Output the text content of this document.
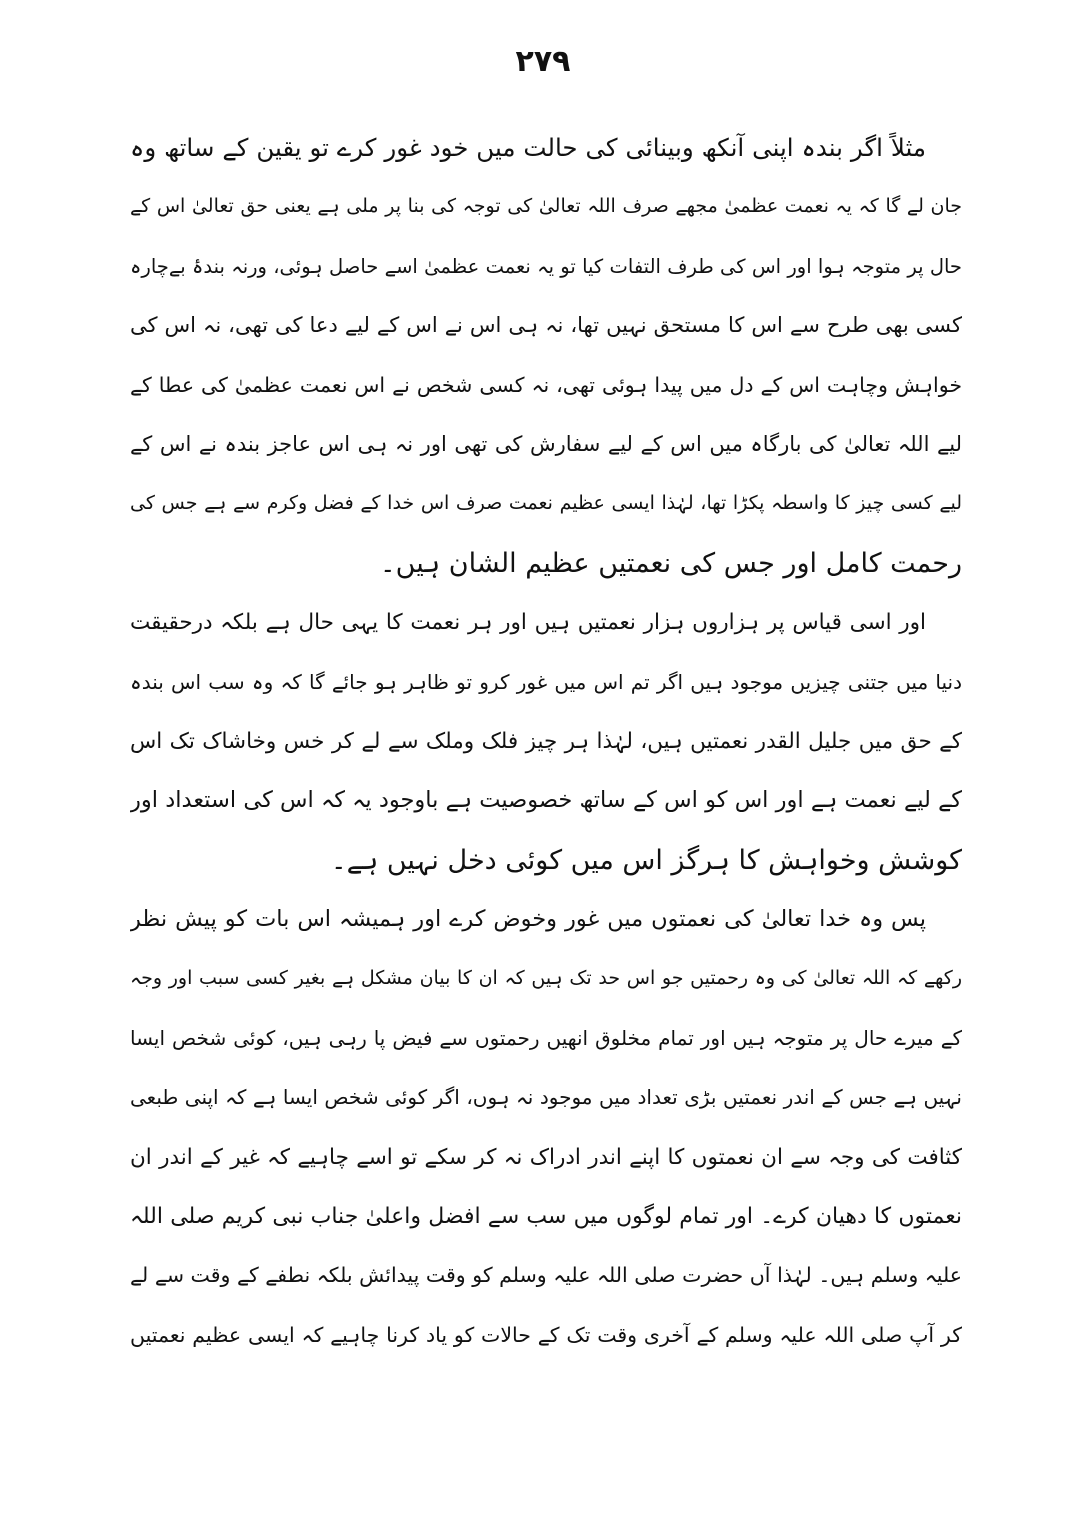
۲۷۹
مثلاً اگر بندہ اپنی آنکھ وبینائی کی حالت میں خود غور کرے تو یقین کے ساتھ وہ
جان لے گا کہ یہ نعمت عظمیٰ مجھے صرف اللہ تعالیٰ کی توجہ کی بنا پر ملی ہے یعنی حق تعالیٰ اس کے
حال پر متوجہ ہوا اور اس کی طرف التفات کیا تو یہ نعمت عظمیٰ اسے حاصل ہوئی، ورنہ بندۂ بےچارہ
کسی بھی طرح سے اس کا مستحق نہیں تھا، نہ ہی اس نے اس کے لیے دعا کی تھی، نہ اس کی
خواہش وچاہت اس کے دل میں پیدا ہوئی تھی، نہ کسی شخص نے اس نعمت عظمیٰ کی عطا کے
لیے اللہ تعالیٰ کی بارگاہ میں اس کے لیے سفارش کی تھی اور نہ ہی اس عاجز بندہ نے اس کے
لیے کسی چیز کا واسطہ پکڑا تھا، لہٰذا ایسی عظیم نعمت صرف اس خدا کے فضل وکرم سے ہے جس کی
رحمت کامل اور جس کی نعمتیں عظیم الشان ہیں۔
اور اسی قیاس پر ہزاروں ہزار نعمتیں ہیں اور ہر نعمت کا یہی حال ہے بلکہ درحقیقت
دنیا میں جتنی چیزیں موجود ہیں اگر تم اس میں غور کرو تو ظاہر ہو جائے گا کہ وہ سب اس بندہ
کے حق میں جلیل القدر نعمتیں ہیں، لہٰذا ہر چیز فلک وملک سے لے کر خس وخاشاک تک اس
کے لیے نعمت ہے اور اس کو اس کے ساتھ خصوصیت ہے باوجود یہ کہ اس کی استعداد اور
کوشش وخواہش کا ہرگز اس میں کوئی دخل نہیں ہے۔
پس وہ خدا تعالیٰ کی نعمتوں میں غور وخوض کرے اور ہمیشہ اس بات کو پیش نظر
رکھے کہ اللہ تعالیٰ کی وہ رحمتیں جو اس حد تک ہیں کہ ان کا بیان مشکل ہے بغیر کسی سبب اور وجہ
کے میرے حال پر متوجہ ہیں اور تمام مخلوق انھیں رحمتوں سے فیض پا رہی ہیں، کوئی شخص ایسا
نہیں ہے جس کے اندر نعمتیں بڑی تعداد میں موجود نہ ہوں، اگر کوئی شخص ایسا ہے کہ اپنی طبعی
کثافت کی وجہ سے ان نعمتوں کا اپنے اندر ادراک نہ کر سکے تو اسے چاہیے کہ غیر کے اندر ان
نعمتوں کا دھیان کرے۔ اور تمام لوگوں میں سب سے افضل واعلیٰ جناب نبی کریم صلی اللہ
علیہ وسلم ہیں۔ لہٰذا آں حضرت صلی اللہ علیہ وسلم کو وقت پیدائش بلکہ نطفے کے وقت سے لے
کر آپ صلی اللہ علیہ وسلم کے آخری وقت تک کے حالات کو یاد کرنا چاہیے کہ ایسی عظیم نعمتیں
